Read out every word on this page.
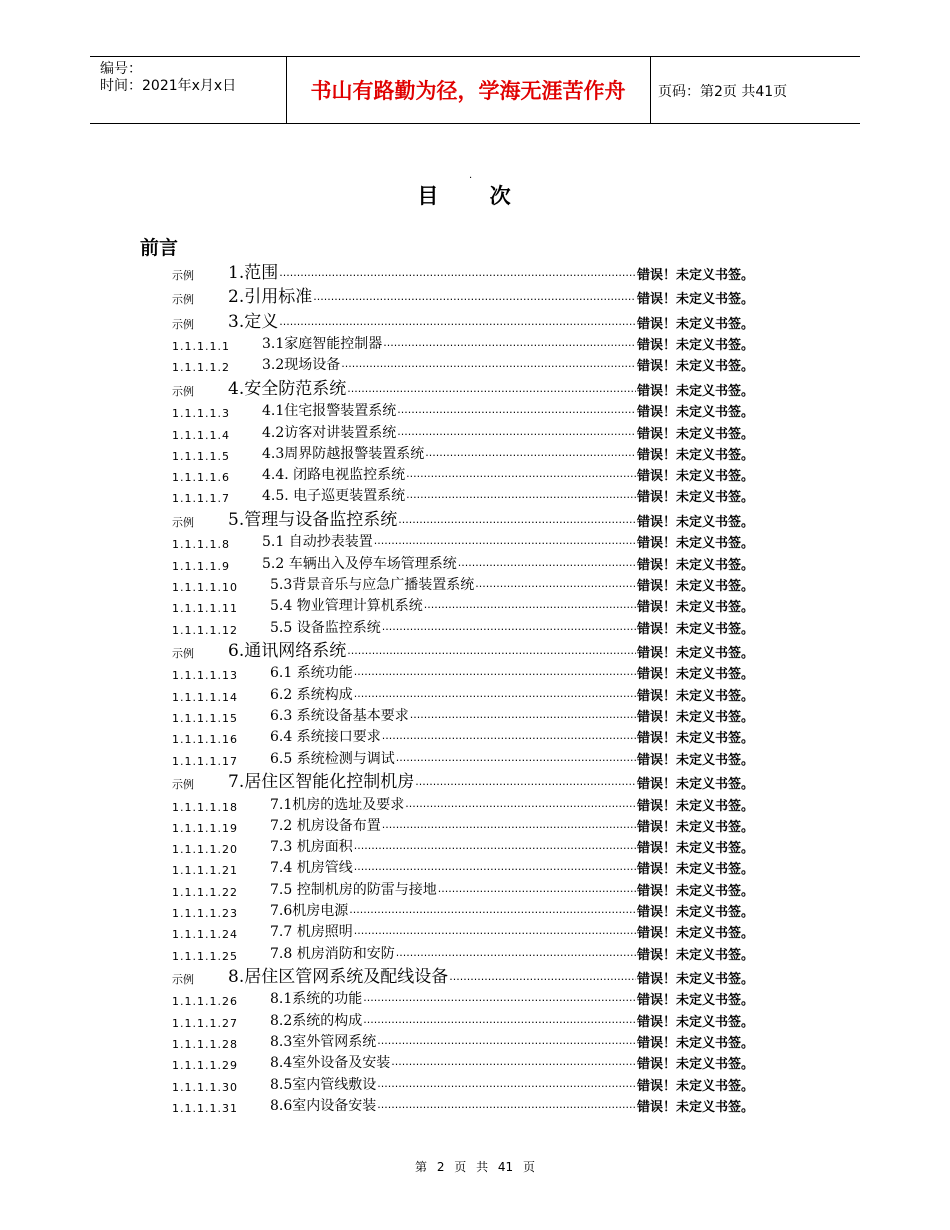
编号：
时间：2021年x月x日	书山有路勤为径，学海无涯苦作舟	页码：第2页 共41页
.
目 次
前言
示例	1.范围 .....	错误！未定义书签。
示例	2.引用标准 .....	错误！未定义书签。
示例	3.定义 .....	错误！未定义书签。
1.1.1.1.1	3.1家庭智能控制器 .....	错误！未定义书签。
1.1.1.1.2	3.2现场设备 .....	错误！未定义书签。
示例	4.安全防范系统 .....	错误！未定义书签。
1.1.1.1.3	4.1住宅报警装置系统 .....	错误！未定义书签。
1.1.1.1.4	4.2访客对讲装置系统 .....	错误！未定义书签。
1.1.1.1.5	4.3周界防越报警装置系统 .....	错误！未定义书签。
1.1.1.1.6	4.4. 闭路电视监控系统 .....	错误！未定义书签。
1.1.1.1.7	4.5. 电子巡更装置系统 .....	错误！未定义书签。
示例	5.管理与设备监控系统 .....	错误！未定义书签。
1.1.1.1.8	5.1 自动抄表装置 .....	错误！未定义书签。
1.1.1.1.9	5.2 车辆出入及停车场管理系统 .....	错误！未定义书签。
1.1.1.1.10	5.3背景音乐与应急广播装置系统 .....	错误！未定义书签。
1.1.1.1.11	5.4 物业管理计算机系统 .....	错误！未定义书签。
1.1.1.1.12	5.5 设备监控系统 .....	错误！未定义书签。
示例	6.通讯网络系统 .....	错误！未定义书签。
1.1.1.1.13	6.1 系统功能 .....	错误！未定义书签。
1.1.1.1.14	6.2 系统构成 .....	错误！未定义书签。
1.1.1.1.15	6.3 系统设备基本要求 .....	错误！未定义书签。
1.1.1.1.16	6.4 系统接口要求 .....	错误！未定义书签。
1.1.1.1.17	6.5 系统检测与调试 .....	错误！未定义书签。
示例	7.居住区智能化控制机房 .....	错误！未定义书签。
1.1.1.1.18	7.1机房的选址及要求 .....	错误！未定义书签。
1.1.1.1.19	7.2 机房设备布置 .....	错误！未定义书签。
1.1.1.1.20	7.3 机房面积 .....	错误！未定义书签。
1.1.1.1.21	7.4 机房管线 .....	错误！未定义书签。
1.1.1.1.22	7.5 控制机房的防雷与接地 .....	错误！未定义书签。
1.1.1.1.23	7.6机房电源 .....	错误！未定义书签。
1.1.1.1.24	7.7 机房照明 .....	错误！未定义书签。
1.1.1.1.25	7.8 机房消防和安防 .....	错误！未定义书签。
示例	8.居住区管网系统及配线设备 .....	错误！未定义书签。
1.1.1.1.26	8.1系统的功能 .....	错误！未定义书签。
1.1.1.1.27	8.2系统的构成 .....	错误！未定义书签。
1.1.1.1.28	8.3室外管网系统 .....	错误！未定义书签。
1.1.1.1.29	8.4室外设备及安装 .....	错误！未定义书签。
1.1.1.1.30	8.5室内管线敷设 .....	错误！未定义书签。
1.1.1.1.31	8.6室内设备安装 .....	错误！未定义书签。
第 2 页 共 41 页
